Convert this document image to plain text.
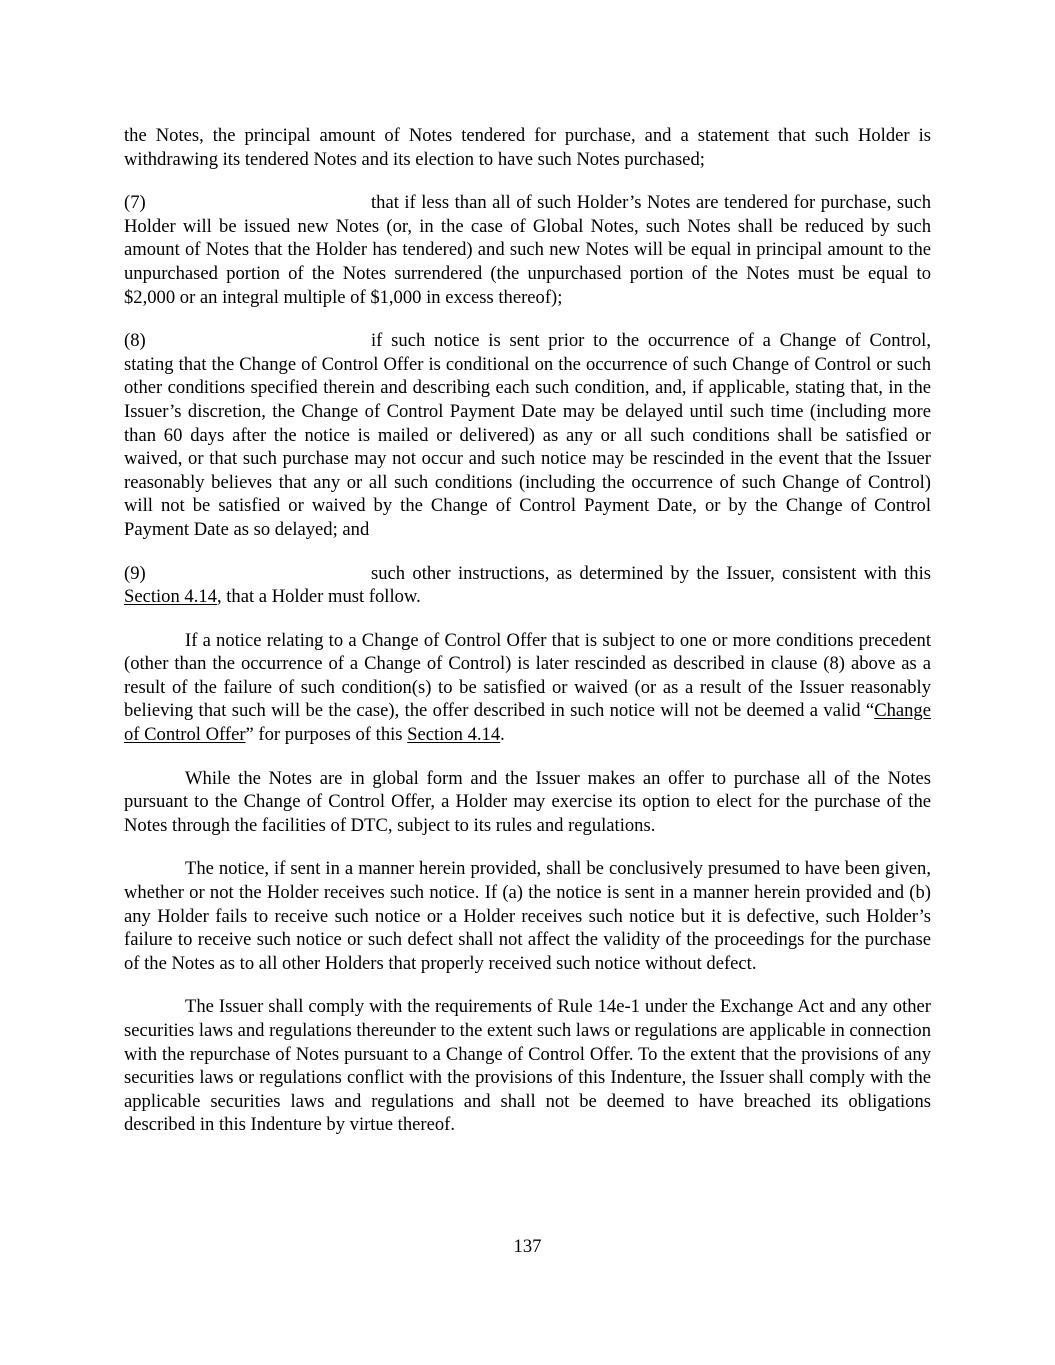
the Notes, the principal amount of Notes tendered for purchase, and a statement that such Holder is withdrawing its tendered Notes and its election to have such Notes purchased;

(7)	that if less than all of such Holder’s Notes are tendered for purchase, such Holder will be issued new Notes (or, in the case of Global Notes, such Notes shall be reduced by such amount of Notes that the Holder has tendered) and such new Notes will be equal in principal amount to the unpurchased portion of the Notes surrendered (the unpurchased portion of the Notes must be equal to $2,000 or an integral multiple of $1,000 in excess thereof);

(8)	if such notice is sent prior to the occurrence of a Change of Control, stating that the Change of Control Offer is conditional on the occurrence of such Change of Control or such other conditions specified therein and describing each such condition, and, if applicable, stating that, in the Issuer’s discretion, the Change of Control Payment Date may be delayed until such time (including more than 60 days after the notice is mailed or delivered) as any or all such conditions shall be satisfied or waived, or that such purchase may not occur and such notice may be rescinded in the event that the Issuer reasonably believes that any or all such conditions (including the occurrence of such Change of Control) will not be satisfied or waived by the Change of Control Payment Date, or by the Change of Control Payment Date as so delayed; and

(9)	such other instructions, as determined by the Issuer, consistent with this Section 4.14, that a Holder must follow.

If a notice relating to a Change of Control Offer that is subject to one or more conditions precedent (other than the occurrence of a Change of Control) is later rescinded as described in clause (8) above as a result of the failure of such condition(s) to be satisfied or waived (or as a result of the Issuer reasonably believing that such will be the case), the offer described in such notice will not be deemed a valid “Change of Control Offer” for purposes of this Section 4.14.

While the Notes are in global form and the Issuer makes an offer to purchase all of the Notes pursuant to the Change of Control Offer, a Holder may exercise its option to elect for the purchase of the Notes through the facilities of DTC, subject to its rules and regulations.

The notice, if sent in a manner herein provided, shall be conclusively presumed to have been given, whether or not the Holder receives such notice. If (a) the notice is sent in a manner herein provided and (b) any Holder fails to receive such notice or a Holder receives such notice but it is defective, such Holder’s failure to receive such notice or such defect shall not affect the validity of the proceedings for the purchase of the Notes as to all other Holders that properly received such notice without defect.

The Issuer shall comply with the requirements of Rule 14e-1 under the Exchange Act and any other securities laws and regulations thereunder to the extent such laws or regulations are applicable in connection with the repurchase of Notes pursuant to a Change of Control Offer. To the extent that the provisions of any securities laws or regulations conflict with the provisions of this Indenture, the Issuer shall comply with the applicable securities laws and regulations and shall not be deemed to have breached its obligations described in this Indenture by virtue thereof.

137
